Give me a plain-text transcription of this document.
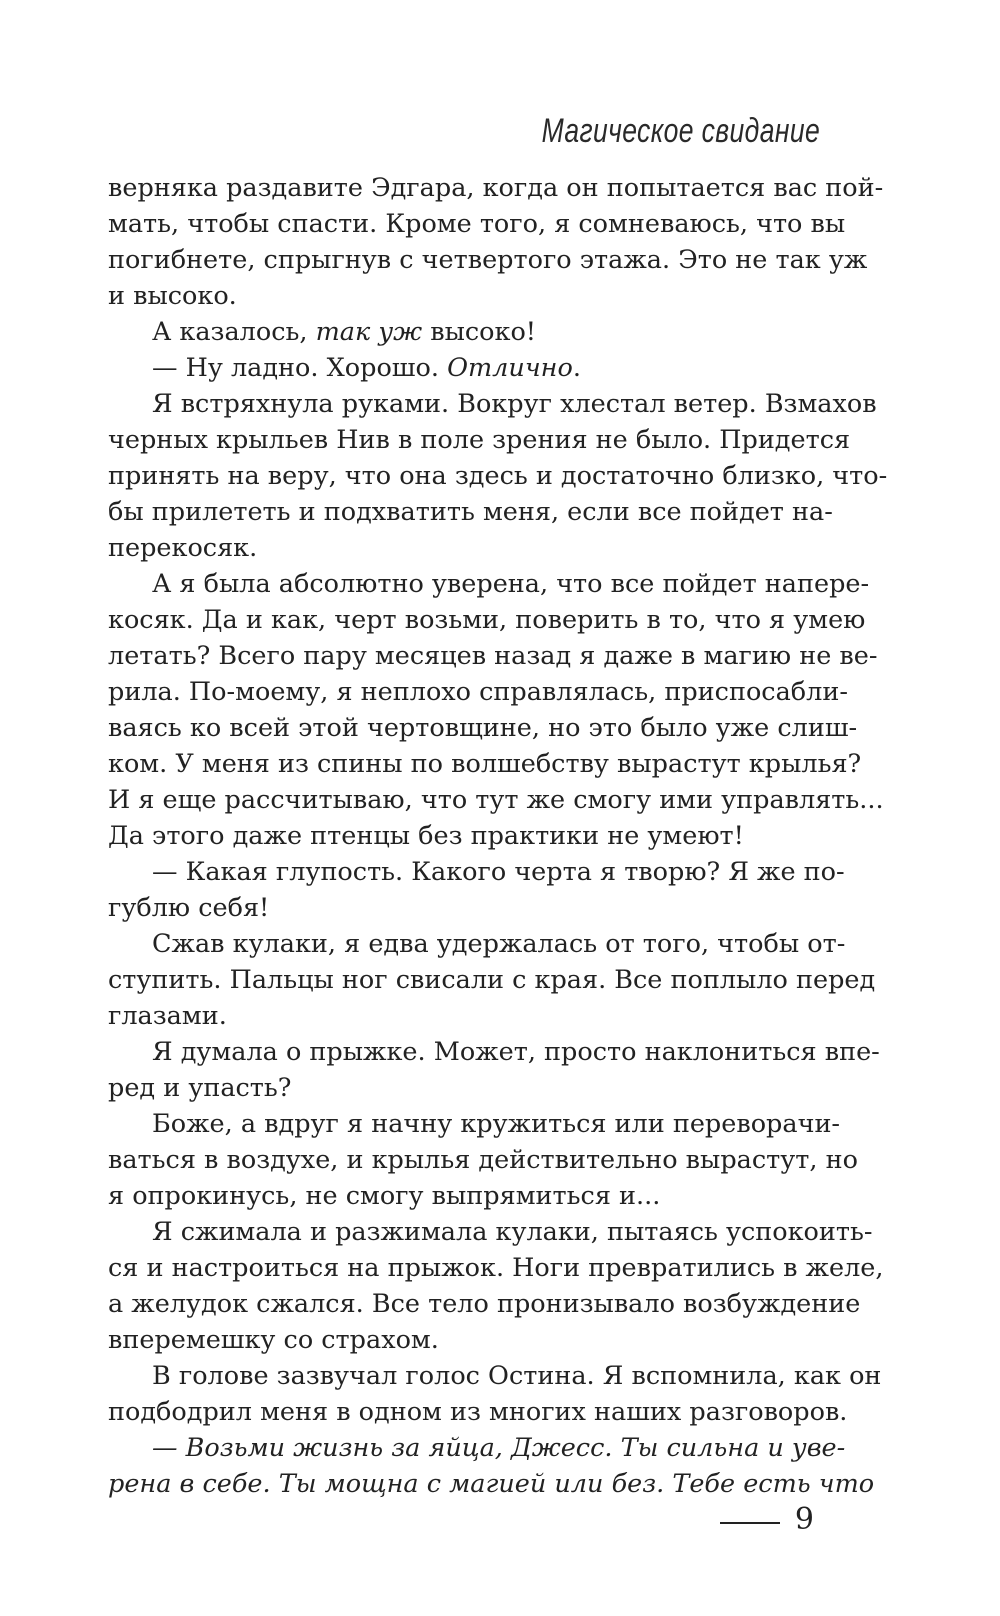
Магическое свидание
верняка раздавите Эдгара, когда он попытается вас пой-
мать, чтобы спасти. Кроме того, я сомневаюсь, что вы
погибнете, спрыгнув с четвертого этажа. Это не так уж
и высоко.
А казалось, так уж высоко!
— Ну ладно. Хорошо. Отлично.
Я встряхнула руками. Вокруг хлестал ветер. Взмахов
черных крыльев Нив в поле зрения не было. Придется
принять на веру, что она здесь и достаточно близко, что-
бы прилететь и подхватить меня, если все пойдет на-
перекосяк.
А я была абсолютно уверена, что все пойдет напере-
косяк. Да и как, черт возьми, поверить в то, что я умею
летать? Всего пару месяцев назад я даже в магию не ве-
рила. По-моему, я неплохо справлялась, приспосабли-
ваясь ко всей этой чертовщине, но это было уже слиш-
ком. У меня из спины по волшебству вырастут крылья?
И я еще рассчитываю, что тут же смогу ими управлять...
Да этого даже птенцы без практики не умеют!
— Какая глупость. Какого черта я творю? Я же по-
гублю себя!
Сжав кулаки, я едва удержалась от того, чтобы от-
ступить. Пальцы ног свисали с края. Все поплыло перед
глазами.
Я думала о прыжке. Может, просто наклониться впе-
ред и упасть?
Боже, а вдруг я начну кружиться или переворачи-
ваться в воздухе, и крылья действительно вырастут, но
я опрокинусь, не смогу выпрямиться и...
Я сжимала и разжимала кулаки, пытаясь успокоить-
ся и настроиться на прыжок. Ноги превратились в желе,
а желудок сжался. Все тело пронизывало возбуждение
вперемешку со страхом.
В голове зазвучал голос Остина. Я вспомнила, как он
подбодрил меня в одном из многих наших разговоров.
— Возьми жизнь за яйца, Джесс. Ты сильна и уве-
рена в себе. Ты мощна с магией или без. Тебе есть что
9
